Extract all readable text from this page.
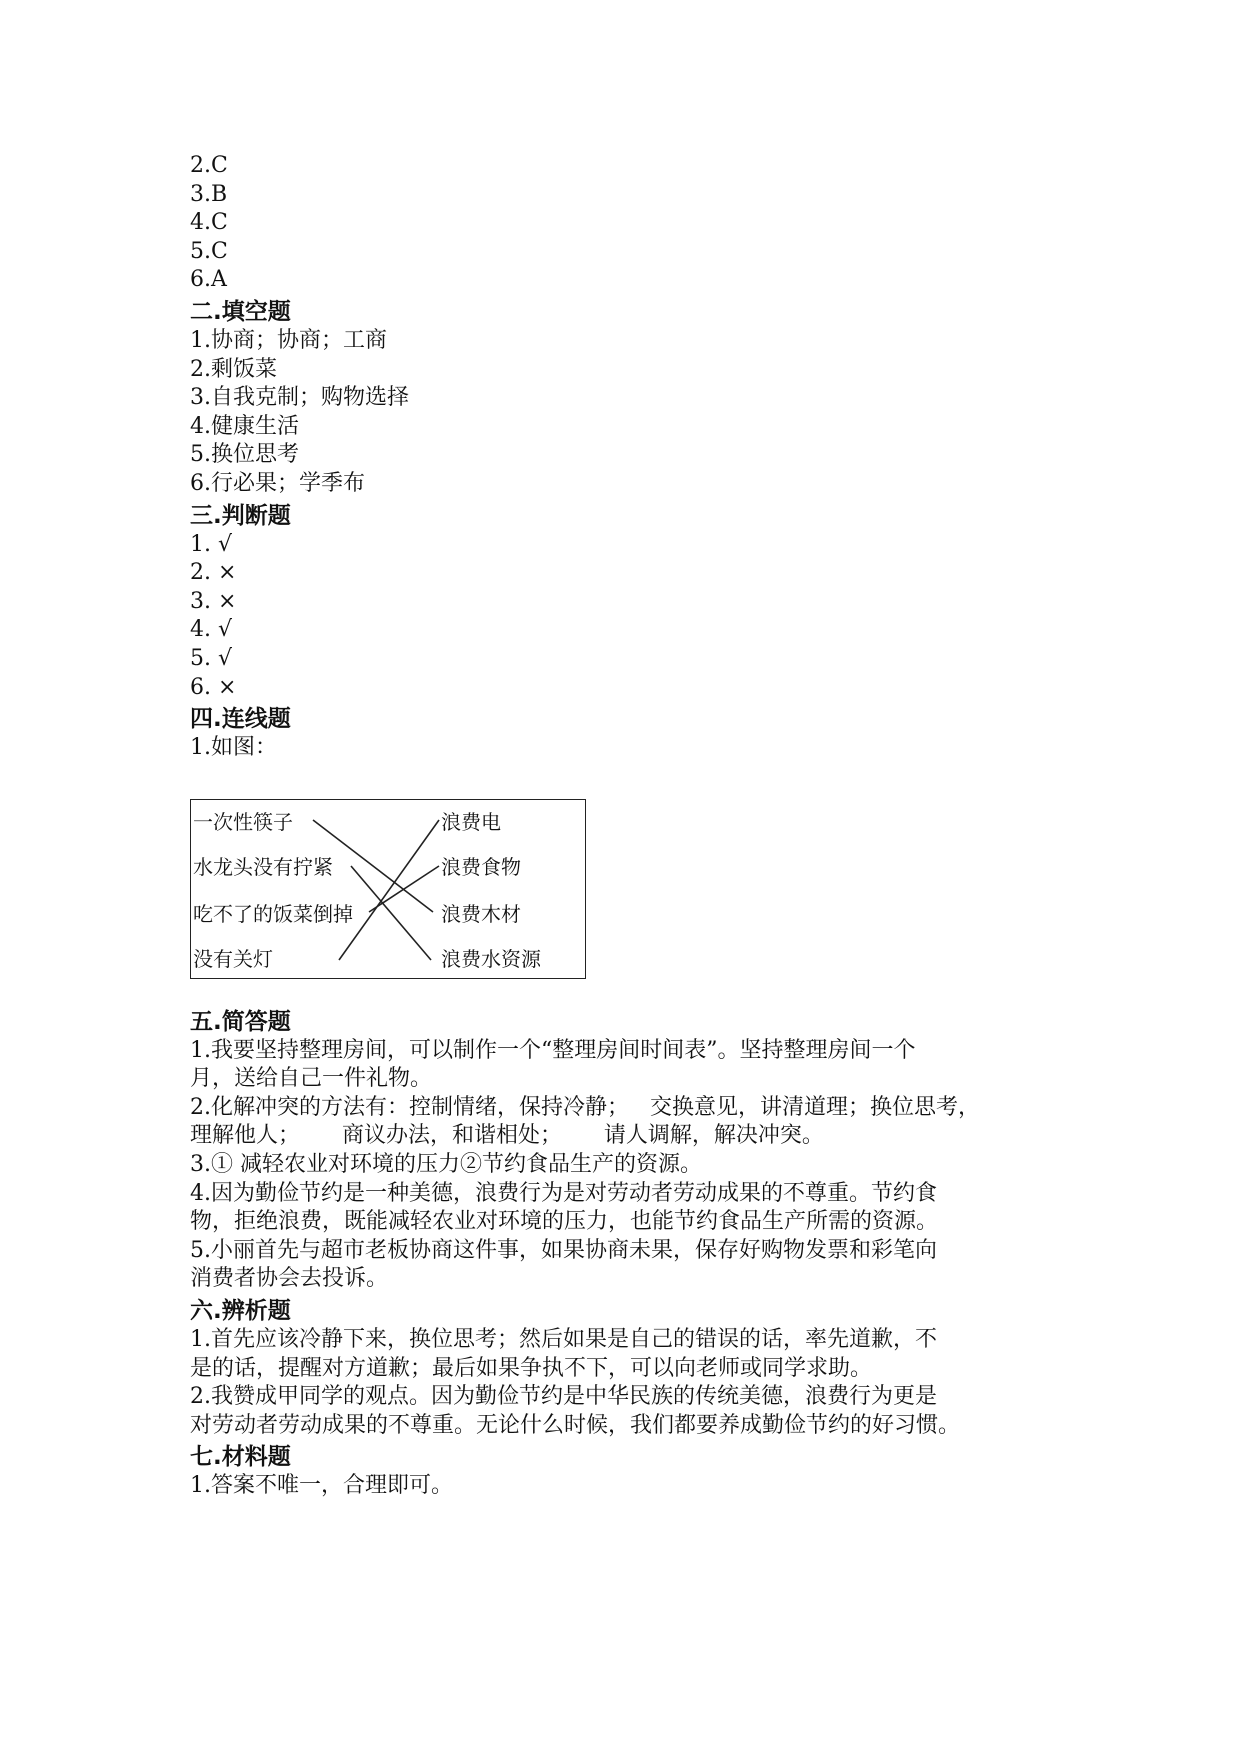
2.C
3.B
4.C
5.C
6.A
二.填空题
1.协商；协商；工商
2.剩饭菜
3.自我克制；购物选择
4.健康生活
5.换位思考
6.行必果；学季布
三.判断题
1. √
2. ×
3. ×
4. √
5. √
6. ×
四.连线题
1.如图：
一次性筷子
水龙头没有拧紧
吃不了的饭菜倒掉
没有关灯
浪费电
浪费食物
浪费木材
浪费水资源
五.简答题
1.我要坚持整理房间，可以制作一个“整理房间时间表”。坚持整理房间一个
月，送给自己一件礼物。
2.化解冲突的方法有：控制情绪，保持冷静；   交换意见，讲清道理；换位思考，
理解他人；      商议办法，和谐相处；      请人调解，解决冲突。
3.① 减轻农业对环境的压力②节约食品生产的资源。
4.因为勤俭节约是一种美德，浪费行为是对劳动者劳动成果的不尊重。节约食
物，拒绝浪费，既能减轻农业对环境的压力，也能节约食品生产所需的资源。
5.小丽首先与超市老板协商这件事，如果协商未果，保存好购物发票和彩笔向
消费者协会去投诉。
六.辨析题
1.首先应该冷静下来，换位思考；然后如果是自己的错误的话，率先道歉，不
是的话，提醒对方道歉；最后如果争执不下，可以向老师或同学求助。
2.我赞成甲同学的观点。因为勤俭节约是中华民族的传统美德，浪费行为更是
对劳动者劳动成果的不尊重。无论什么时候，我们都要养成勤俭节约的好习惯。
七.材料题
1.答案不唯一，合理即可。
